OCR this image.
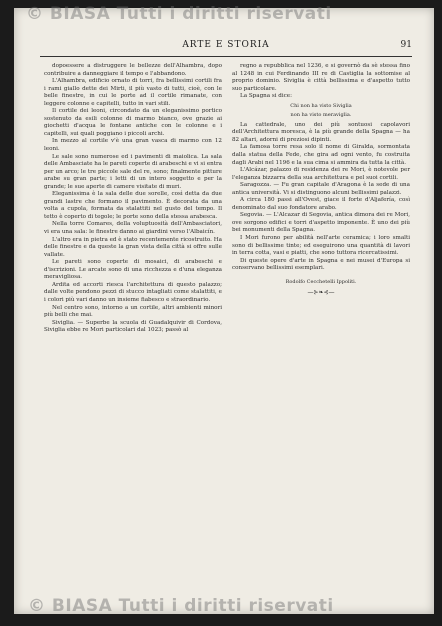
© BIASA Tutti i diritti riservati
ARTE E STORIA	91

dopoessere a distruggere le bellezze dell'Alhambra, dopo contribuire a danneggiare il tempo e l'abbandono.

L'Alhambra, edificio ornato di torri, fra bellissimi cortili fra i rami giallo dette dei Mirti, il più vasto di tutti, cioè, con le belle finestre, in cui le porte ad il cortile rimanate, con leggere colonne e capitelli, tutto in vari stili.

Il cortile dei leoni, circondato da un eleganissimo portico sostenuto da esili colonne di marmo bianco, ove grazie ai giochetti d'acqua le fontane antiche con le colonne e i capitelli, sui quali poggiano i piccoli archi.

In mezzo al cortile v'è una gran vasca di marmo con 12 leoni.

Le sale sono numerose ed i pavimenti di maiolica. La sala delle Ambasciate ha le pareti coperte di arabeschi e vi si entra per un arco; le tre piccole sale del re, sono; finalmente pitture arabe su gran parte; i letti di un intero soggetto e per la grande; le sue aperte di camere visitate di muri.

Eleganissima è la sala delle due sorelle, così detta da due grandi lastre che formano il pavimento. È decorata da una volta a cupola, formata da stalattiti nel gusto del tempo. Il tetto è coperto di tegole; le porte sono della stessa arabesca.

Nella torre Comares, della voluptuosità dell'Ambasciatori, vi era una sala: le finestre danno ai giardini verso l'Albaicín.

L'altro era in pietra ed è stato recentemente ricostruito. Ha delle finestre e da queste la gran vista della città si offre sulle vallate.

Le pareti sono coperte di mosaici, di arabeschi e d'iscrizioni. Le arcate sono di una ricchezza e d'una eleganza meravigliosa.

Ardita ed accorti riesca l'architettura di questo palazzo; dalle volte pendono pezzi di stucco intagliati come stalattiti, e i colori più vari danno un insieme fiabesco e straordinario.

Nel centro sono, intorno a un cortile, altri ambienti minori più belli che mai.

Siviglia. — Superbe la scuola di Guadalquivir di Cordova, Siviglia ebbe re Mori particolari dal 1023; passò al

regno a repubblica nel 1236, e si governò da sè stessa fino al 1248 in cui Ferdinando III re di Castiglia la sottomise al proprio dominio. Siviglia è città bellissima e d'aspetto tutto suo particolare.

La Spagna si dice:

Chi non ha visto Siviglia
non ha visto meraviglia.

La cattedrale, uno dei più sontuosi capolavori dell'Architettura moresca, è la più grande della Spagna — ha 82 altari, adorni di preziosi dipinti.

La famosa torre resa solo il nome di Giralda, sormontata dalla statua della Fede, che gira ad ogni vento, fu costruita dagli Arabi nel 1196 e la sua cima si ammira da tutta la città.

L'Alcázar, palazzo di residenza dei re Mori, è notevole per l'eleganza bizzarra della sua architettura e pel suoi cortili.

Saragozza. — Fu gran capitale d'Aragona è la sede di una antica università. Vi si distinguono alcuni bellissimi palazzi.

A circa 180 passi all'Ovest, giace il forte d'Aljafería, così denominato dal suo fondatore arabo.

Segovia. — L'Alcazar di Segovia, antica dimora dei re Mori, ove sorgono edifici e torri d'aspetto imponente. È uno dei più bei monumenti della Spagna.

I Mori furono per abilità nell'arte ceramica; i loro smalti sono di bellissime tinte; ed eseguirono una quantità di lavori in terra cotta, vasi e piatti, che sono tuttora ricercatissimi.

Di queste opere d'arte in Spagna e nei musei d'Europa si conservano bellissimi esemplari.

Rodolfo Cecchetelli Ippoliti.
—⊱❧⊰—
© BIASA Tutti i diritti riservati
